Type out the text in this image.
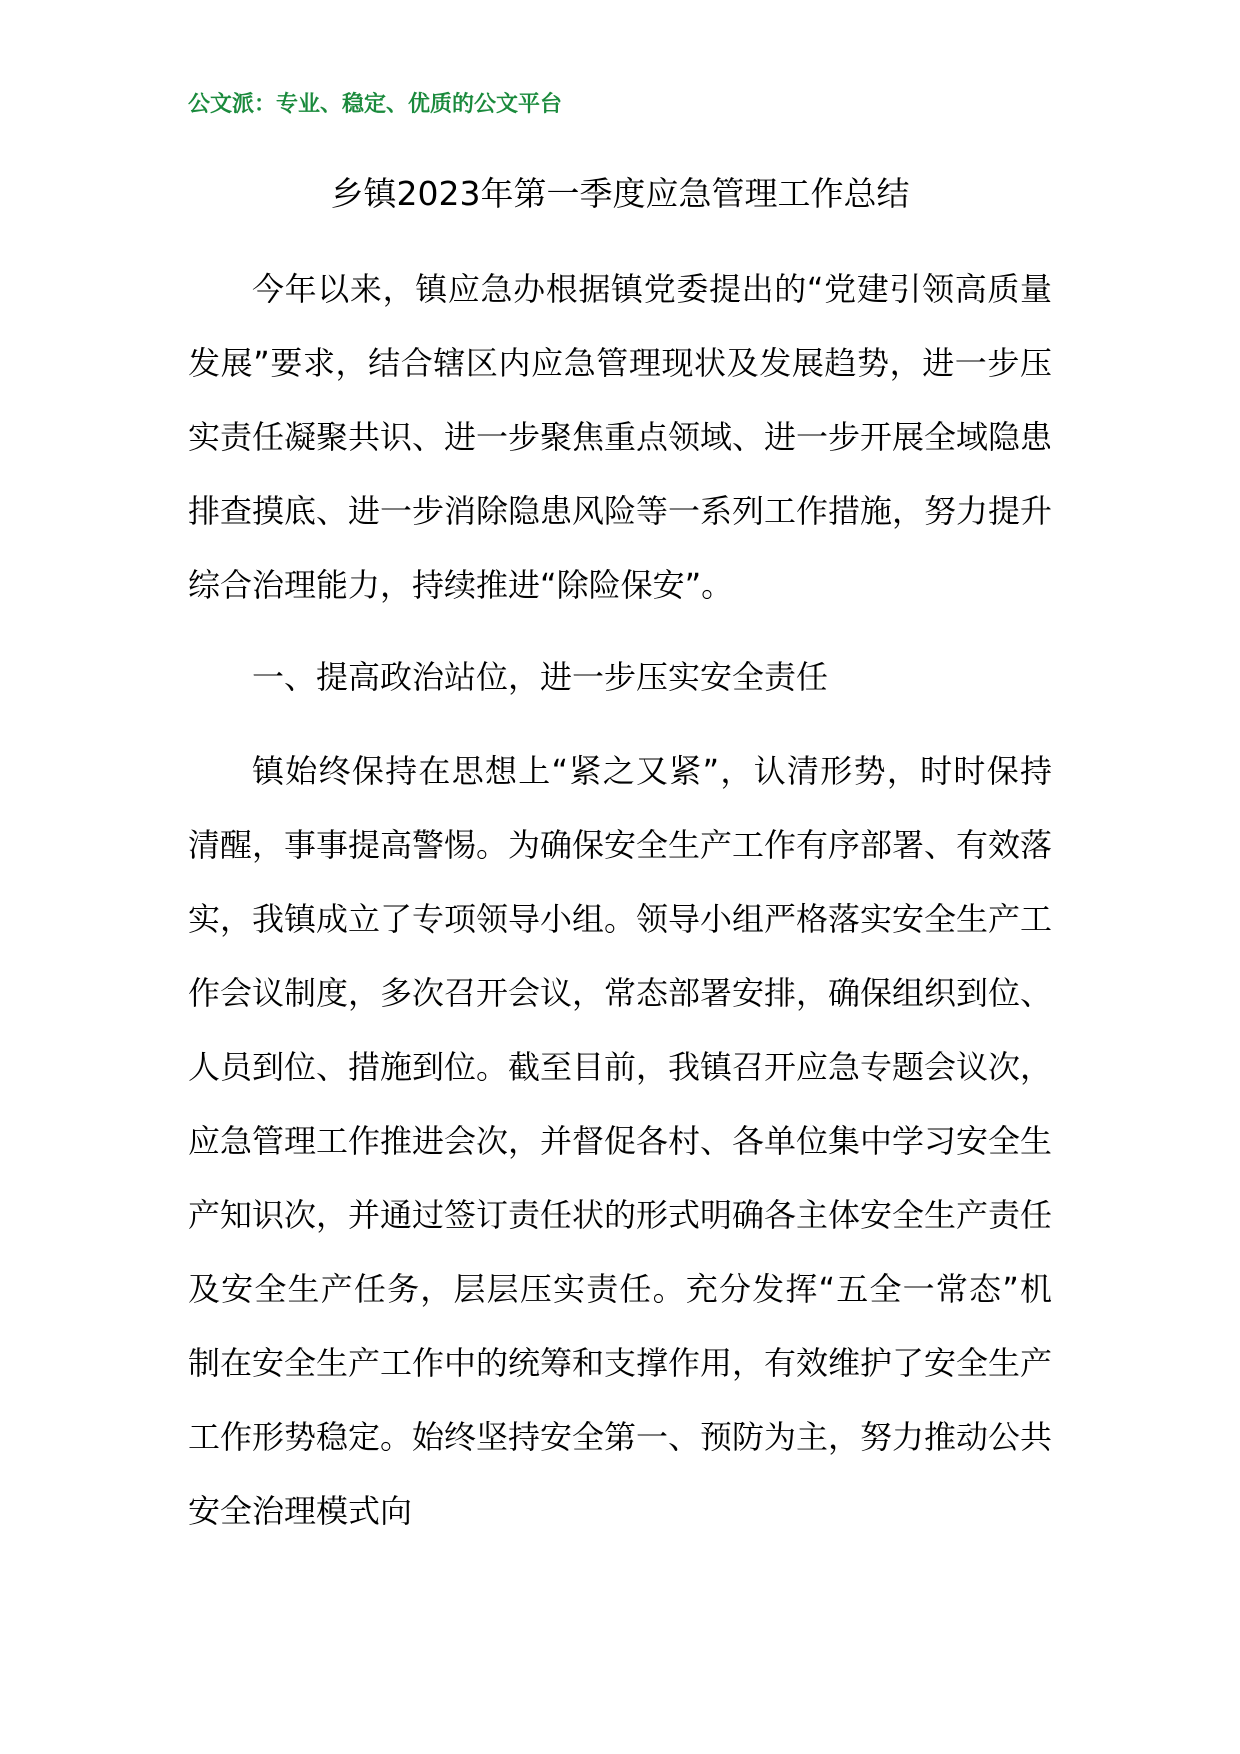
公文派：专业、稳定、优质的公文平台
乡镇2023年第一季度应急管理工作总结

今年以来，镇应急办根据镇党委提出的“党建引领高质量发展”要求，结合辖区内应急管理现状及发展趋势，进一步压实责任凝聚共识、进一步聚焦重点领域、进一步开展全域隐患排查摸底、进一步消除隐患风险等一系列工作措施，努力提升综合治理能力，持续推进“除险保安”。

一、提高政治站位，进一步压实安全责任

镇始终保持在思想上“紧之又紧”，认清形势，时时保持清醒，事事提高警惕。为确保安全生产工作有序部署、有效落实，我镇成立了专项领导小组。领导小组严格落实安全生产工作会议制度，多次召开会议，常态部署安排，确保组织到位、人员到位、措施到位。截至目前，我镇召开应急专题会议次，应急管理工作推进会次，并督促各村、各单位集中学习安全生产知识次，并通过签订责任状的形式明确各主体安全生产责任及安全生产任务，层层压实责任。充分发挥“五全一常态”机制在安全生产工作中的统筹和支撑作用，有效维护了安全生产工作形势稳定。始终坚持安全第一、预防为主，努力推动公共安全治理模式向
